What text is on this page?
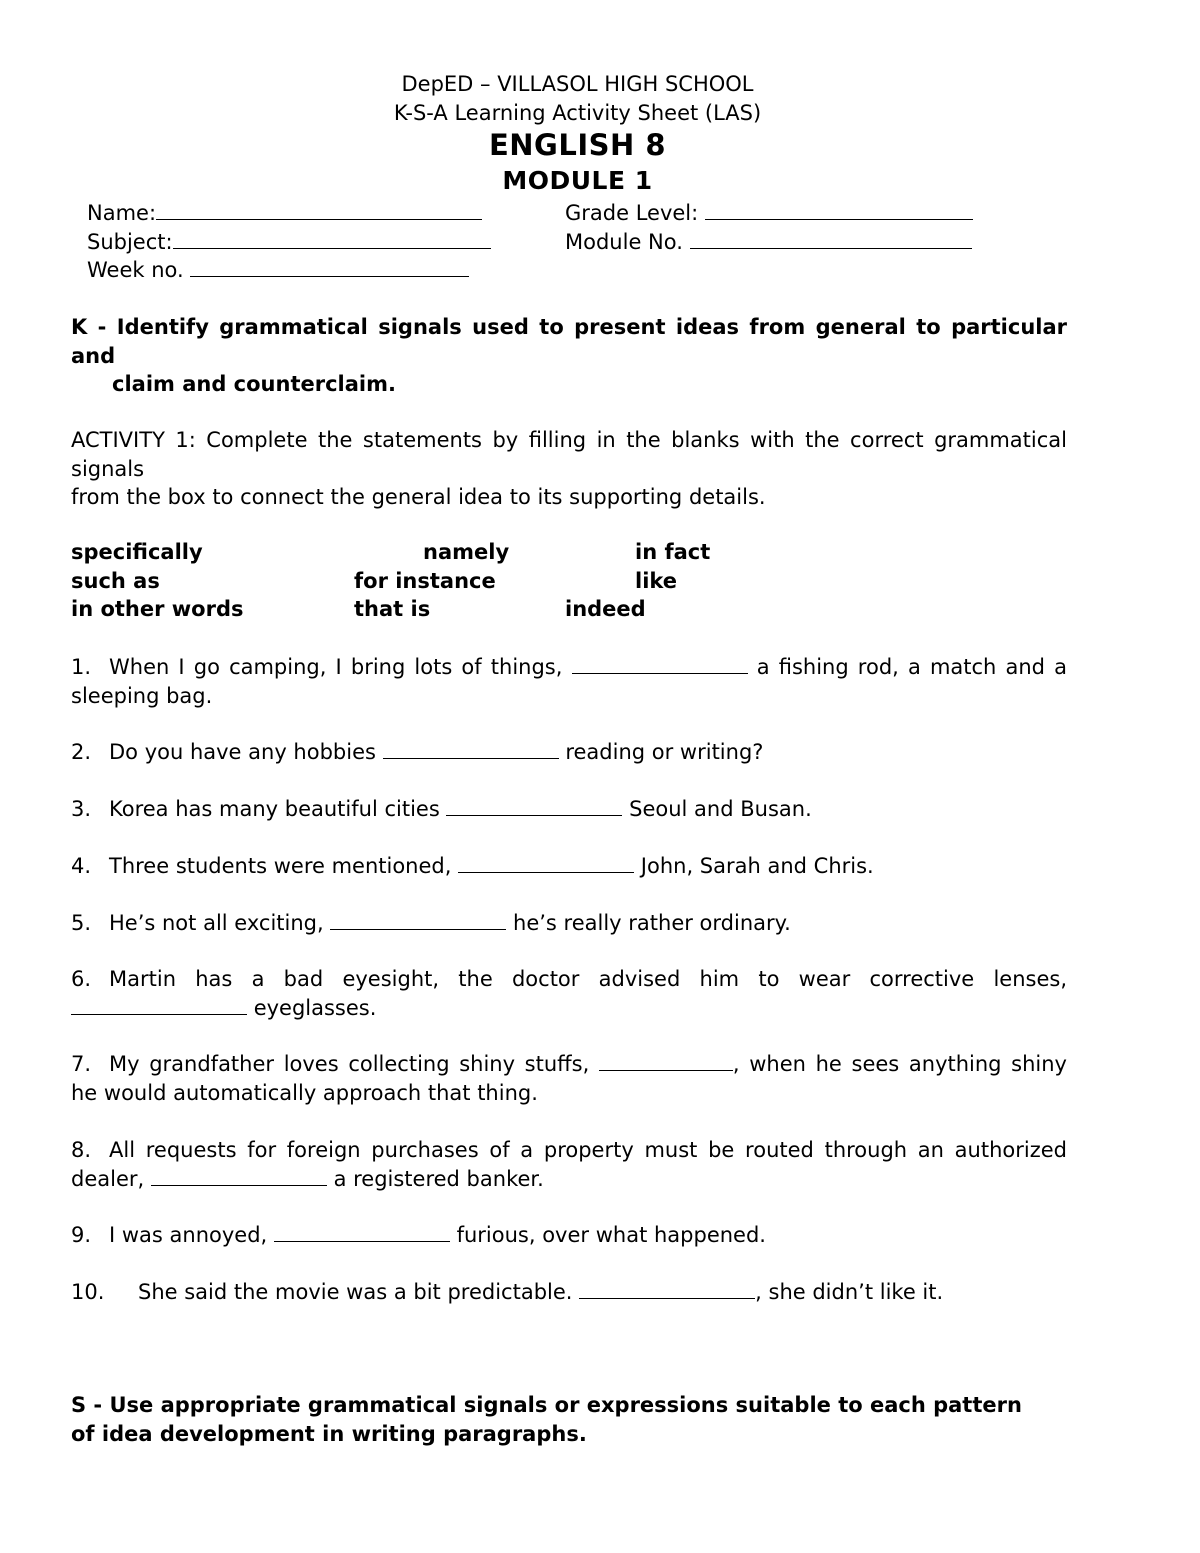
DepED – VILLASOL HIGH SCHOOL
K-S-A Learning Activity Sheet (LAS)
ENGLISH 8
MODULE 1
Name:	Grade Level:
Subject:	Module No.
Week no.
K - Identify grammatical signals used to present ideas from general to particular and
claim and counterclaim.
ACTIVITY 1: Complete the statements by filling in the blanks with the correct grammatical signals
from the box to connect the general idea to its supporting details.
specifically	namely	in fact
such as	for instance	like
in other words	that is	indeed
1. When I go camping, I bring lots of things,	a fishing rod, a match and a sleeping bag.
2. Do you have any hobbies	reading or writing?
3. Korea has many beautiful cities	Seoul and Busan.
4. Three students were mentioned,	John, Sarah and Chris.
5. He’s not all exciting,	he’s really rather ordinary.
6. Martin has a bad eyesight, the doctor advised him to wear corrective lenses,  eyeglasses.
7. My grandfather loves collecting shiny stuffs,	, when he sees anything shiny he would automatically approach that thing.
8. All requests for foreign purchases of a property must be routed through an authorized dealer,	a registered banker.
9. I was annoyed,	furious, over what happened.
10. She said the movie was a bit predictable.	, she didn’t like it.
S - Use appropriate grammatical signals or expressions suitable to each pattern of idea development in writing paragraphs.
